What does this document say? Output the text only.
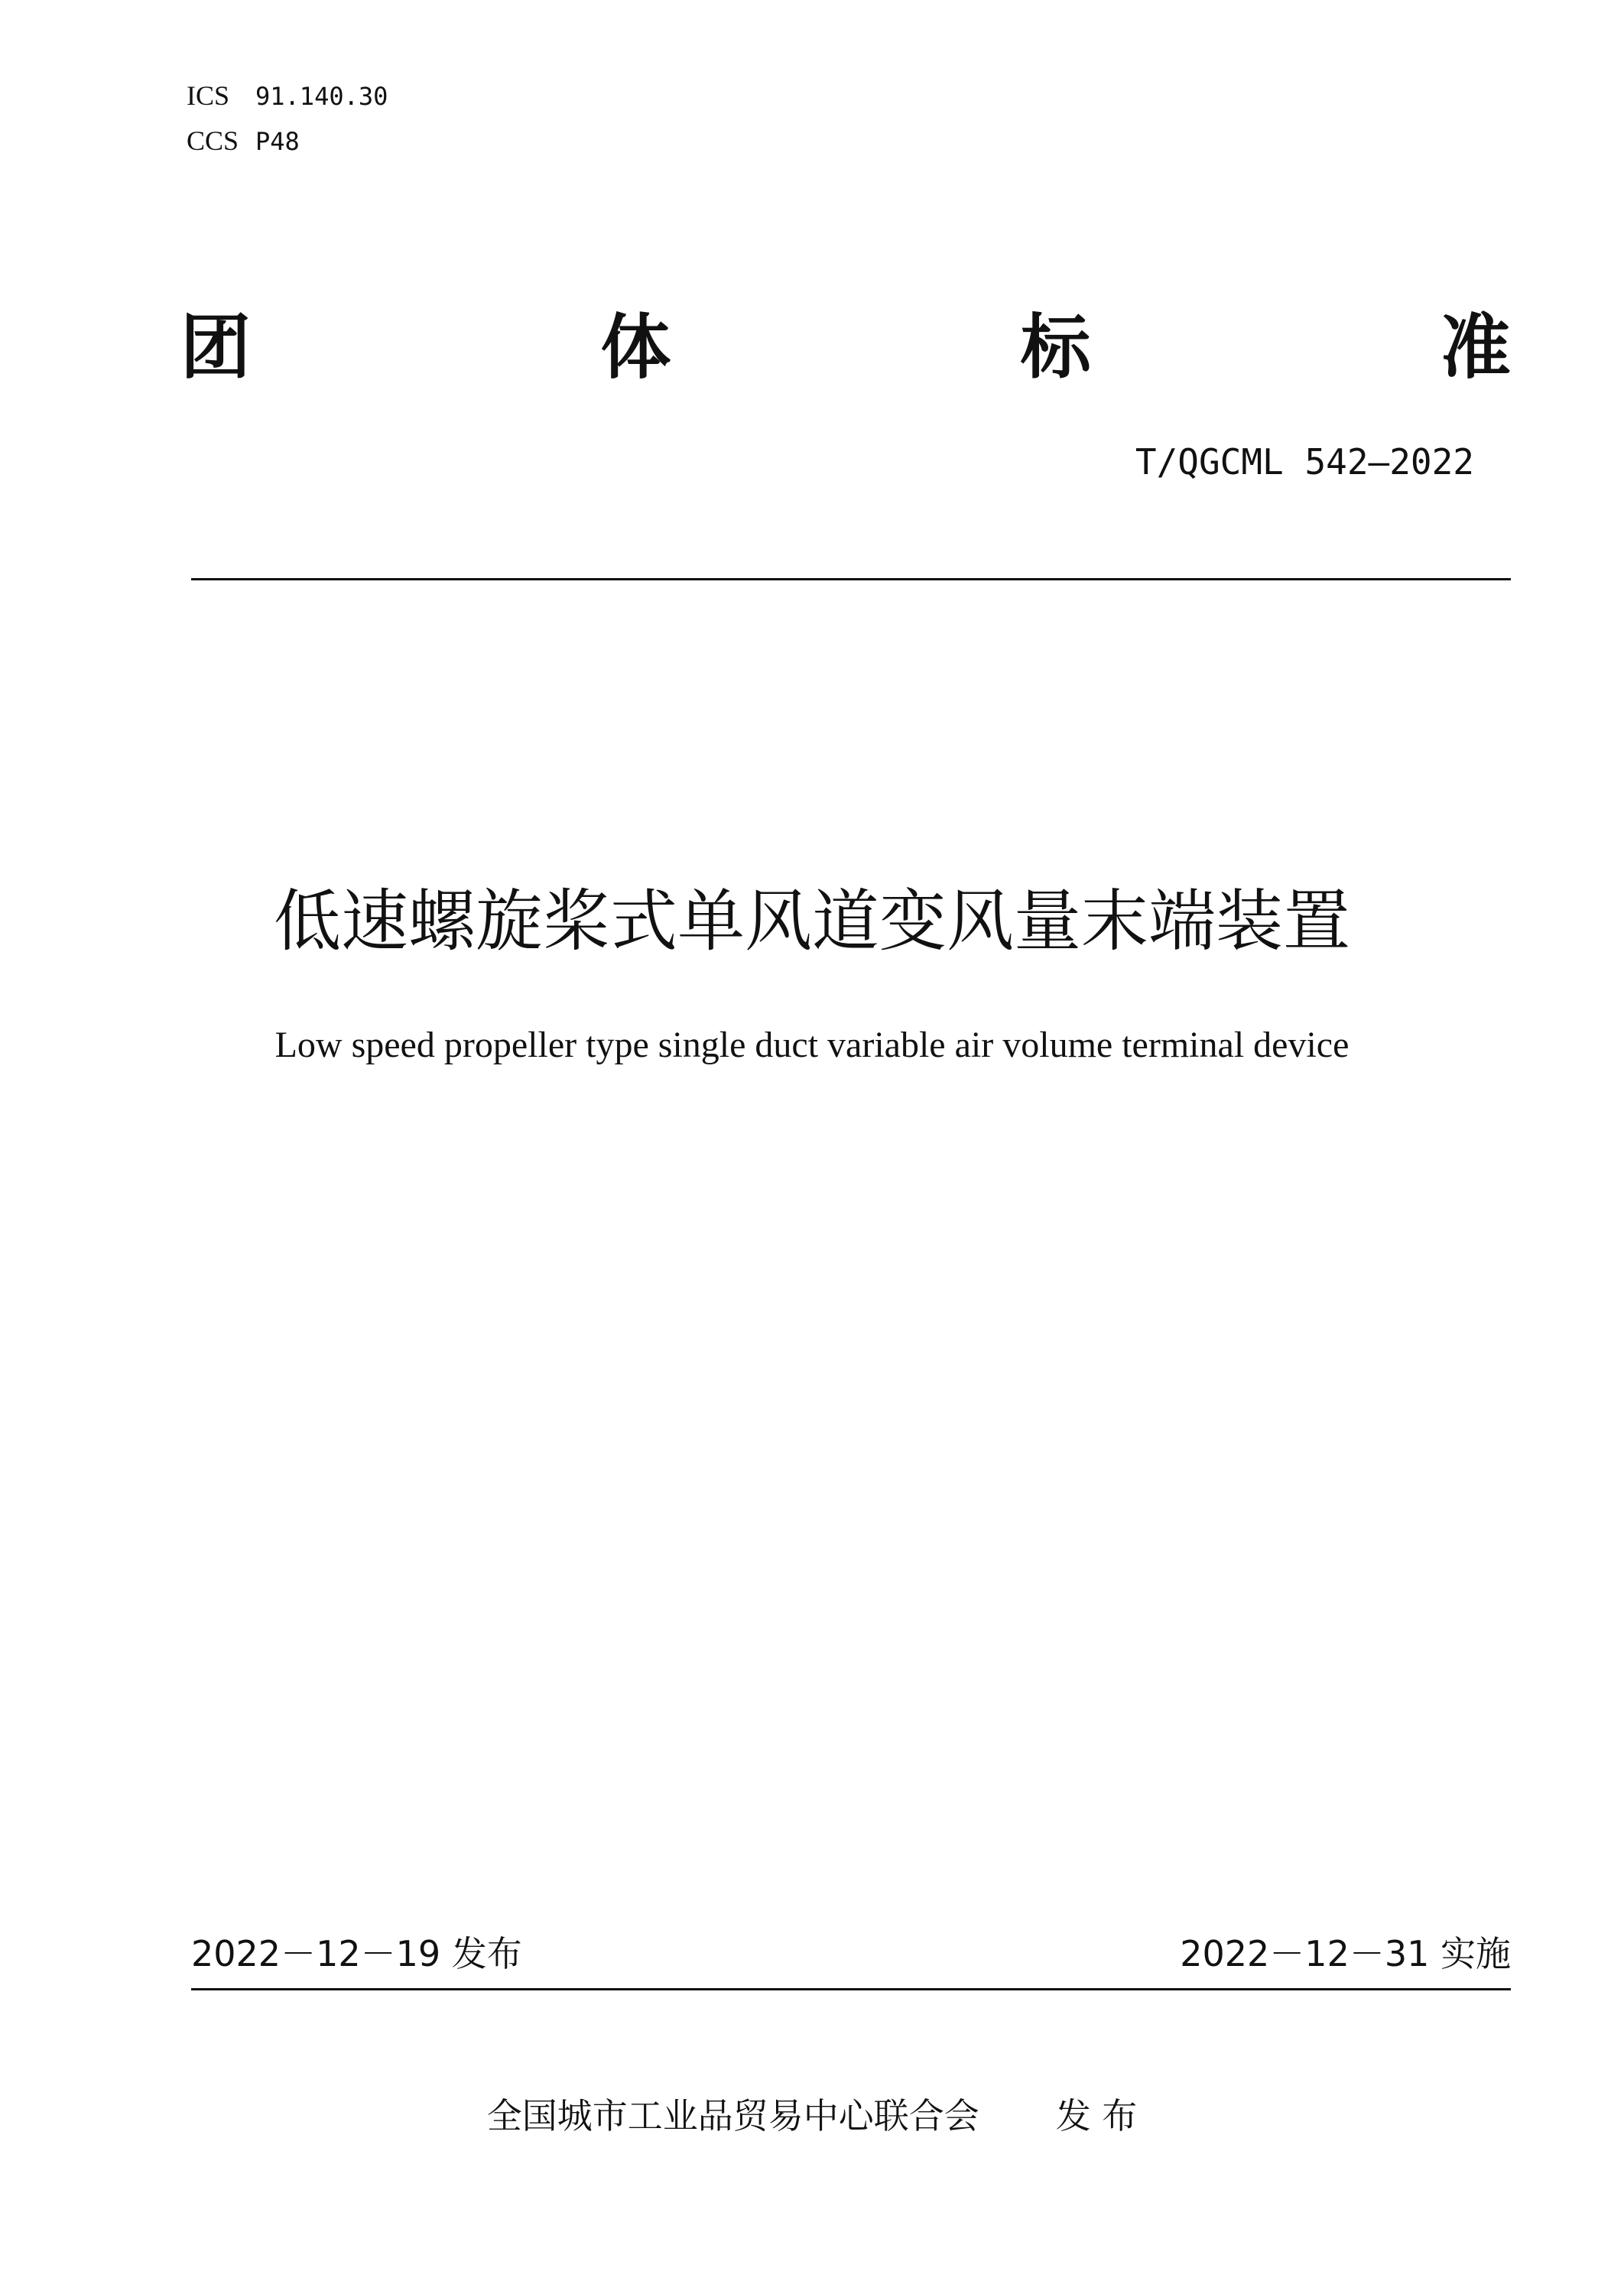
ICS	91.140.30
CCS P48
团	体	标	准
T/QGCML 542—2022
低速螺旋桨式单风道变风量末端装置
Low speed propeller type single duct variable air volume terminal device
2022－12－19 发布	2022－12－31 实施
全国城市工业品贸易中心联合会 发 布
